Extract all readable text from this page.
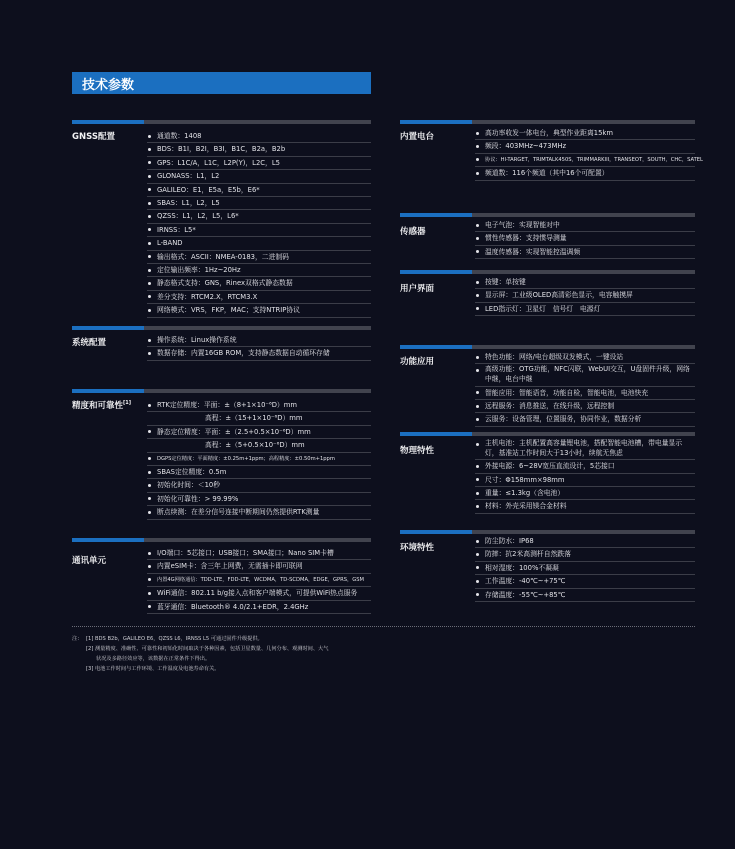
技术参数
GNSS配置	通道数：1408
BDS：B1I，B2I，B3I，B1C，B2a，B2b
GPS：L1C/A，L1C，L2P(Y)，L2C，L5
GLONASS：L1，L2
GALILEO：E1，E5a，E5b，E6*
SBAS：L1，L2，L5
QZSS：L1，L2，L5，L6*
IRNSS：L5*
L-BAND
输出格式：ASCII：NMEA-0183，二进制码
定位输出频率：1Hz~20Hz
静态格式支持：GNS，Rinex双格式静态数据
差分支持：RTCM2.X，RTCM3.X
网络模式：VRS，FKP，MAC；支持NTRIP协议
系统配置	操作系统：Linux操作系统
数据存储：内置16GB ROM，支持静态数据自动循环存储
精度和可靠性[1]	RTK定位精度：平面：±（8+1×10⁻⁶D）mm
高程：±（15+1×10⁻⁶D）mm
静态定位精度：平面：±（2.5+0.5×10⁻⁶D）mm
高程：±（5+0.5×10⁻⁶D）mm
DGPS定位精度：平面精度：±0.25m+1ppm；高程精度：±0.50m+1ppm
SBAS定位精度：0.5m
初始化时间：＜10秒
初始化可靠性：> 99.99%
断点续测：在差分信号连接中断期间仍然提供RTK测量
通讯单元
I/O端口：5芯接口；USB接口；SMA接口；Nano SIM卡槽
内置eSIM卡：含三年上网费，无需插卡即可联网
内置4G网络通信：TDD-LTE，FDD-LTE，WCDMA，TD-SCDMA，EDGE，GPRS，GSM
WiFi通信：802.11 b/g接入点和客户端模式，可提供WiFi热点服务
蓝牙通信：Bluetooth® 4.0/2.1+EDR，2.4GHz
内置电台	高功率收发一体电台，典型作业距离15km
频段：403MHz~473MHz
协议：HI-TARGET，TRIMTALK450S，TRIMMARKIII，TRANSEOT，SOUTH，CHC，SATEL
频道数：116个频道（其中16个可配置）
传感器
电子气泡：实现智能对中
惯性传感器：支持惯导测量
温度传感器：实现智能控温调频
用户界面
按键：单按键
显示屏：工业级OLED高清彩色显示，电容触摸屏
LED指示灯：卫星灯　信号灯　电源灯
功能应用	特色功能：网络/电台超级双发模式，一键设站
高级功能：OTG功能，NFC闪联，WebUI交互，U盘固件升级，网络中继，电台中继
智能应用：智能语音，功能自检，智能电池，电池快充
远程服务：消息推送，在线升级，远程控制
云服务：设备管理，位置服务，协同作业，数据分析
物理特性
主机电池：主机配置高容量锂电池，搭配智能电池槽，带电量显示灯，基准站工作时间大于13小时，续航无焦虑
外接电源：6~28V宽压直流设计，5芯接口
尺寸：Φ158mm×98mm
重量：≤1.3kg（含电池）
材料：外壳采用镁合金材料
环境特性
防尘防水：IP68
防摔：抗2米高测杆自然跌落
相对湿度：100%不凝凝
工作温度：-40℃~+75℃
存储温度：-55℃~+85℃
注： [1] BDS B2b，GALILEO E6，QZSS L6，IRNSS L5 可通过固件升级提供。
[2] 测量精度、准确性、可靠性和初始化时间取决于各种因素，包括卫星数量、几何分布、观测时间、大气
状况及多路径效应等，该数据在正常条件下得出。
[3] 电池工作时间与工作环境、工作温度及电池寿命有关。
